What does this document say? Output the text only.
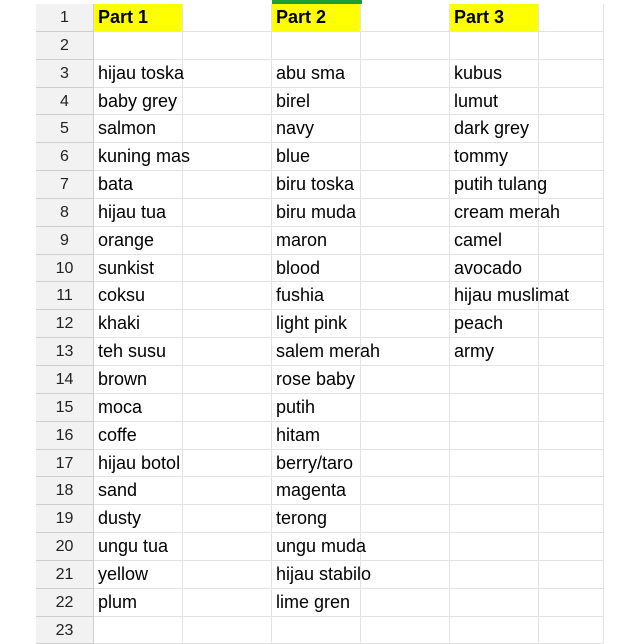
1	Part 1	Part 2	Part 3
2
3	hijau toska	abu sma	kubus
4	baby grey	birel	lumut
5	salmon	navy	dark grey
6	kuning mas	blue	tommy
7	bata	biru toska	putih tulang
8	hijau tua	biru muda	cream merah
9	orange	maron	camel
10	sunkist	blood	avocado
11	coksu	fushia	hijau muslimat
12	khaki	light pink	peach
13	teh susu	salem merah	army
14	brown	rose baby
15	moca	putih
16	coffe	hitam
17	hijau botol	berry/taro
18	sand	magenta
19	dusty	terong
20	ungu tua	ungu muda
21	yellow	hijau stabilo
22	plum	lime gren
23
